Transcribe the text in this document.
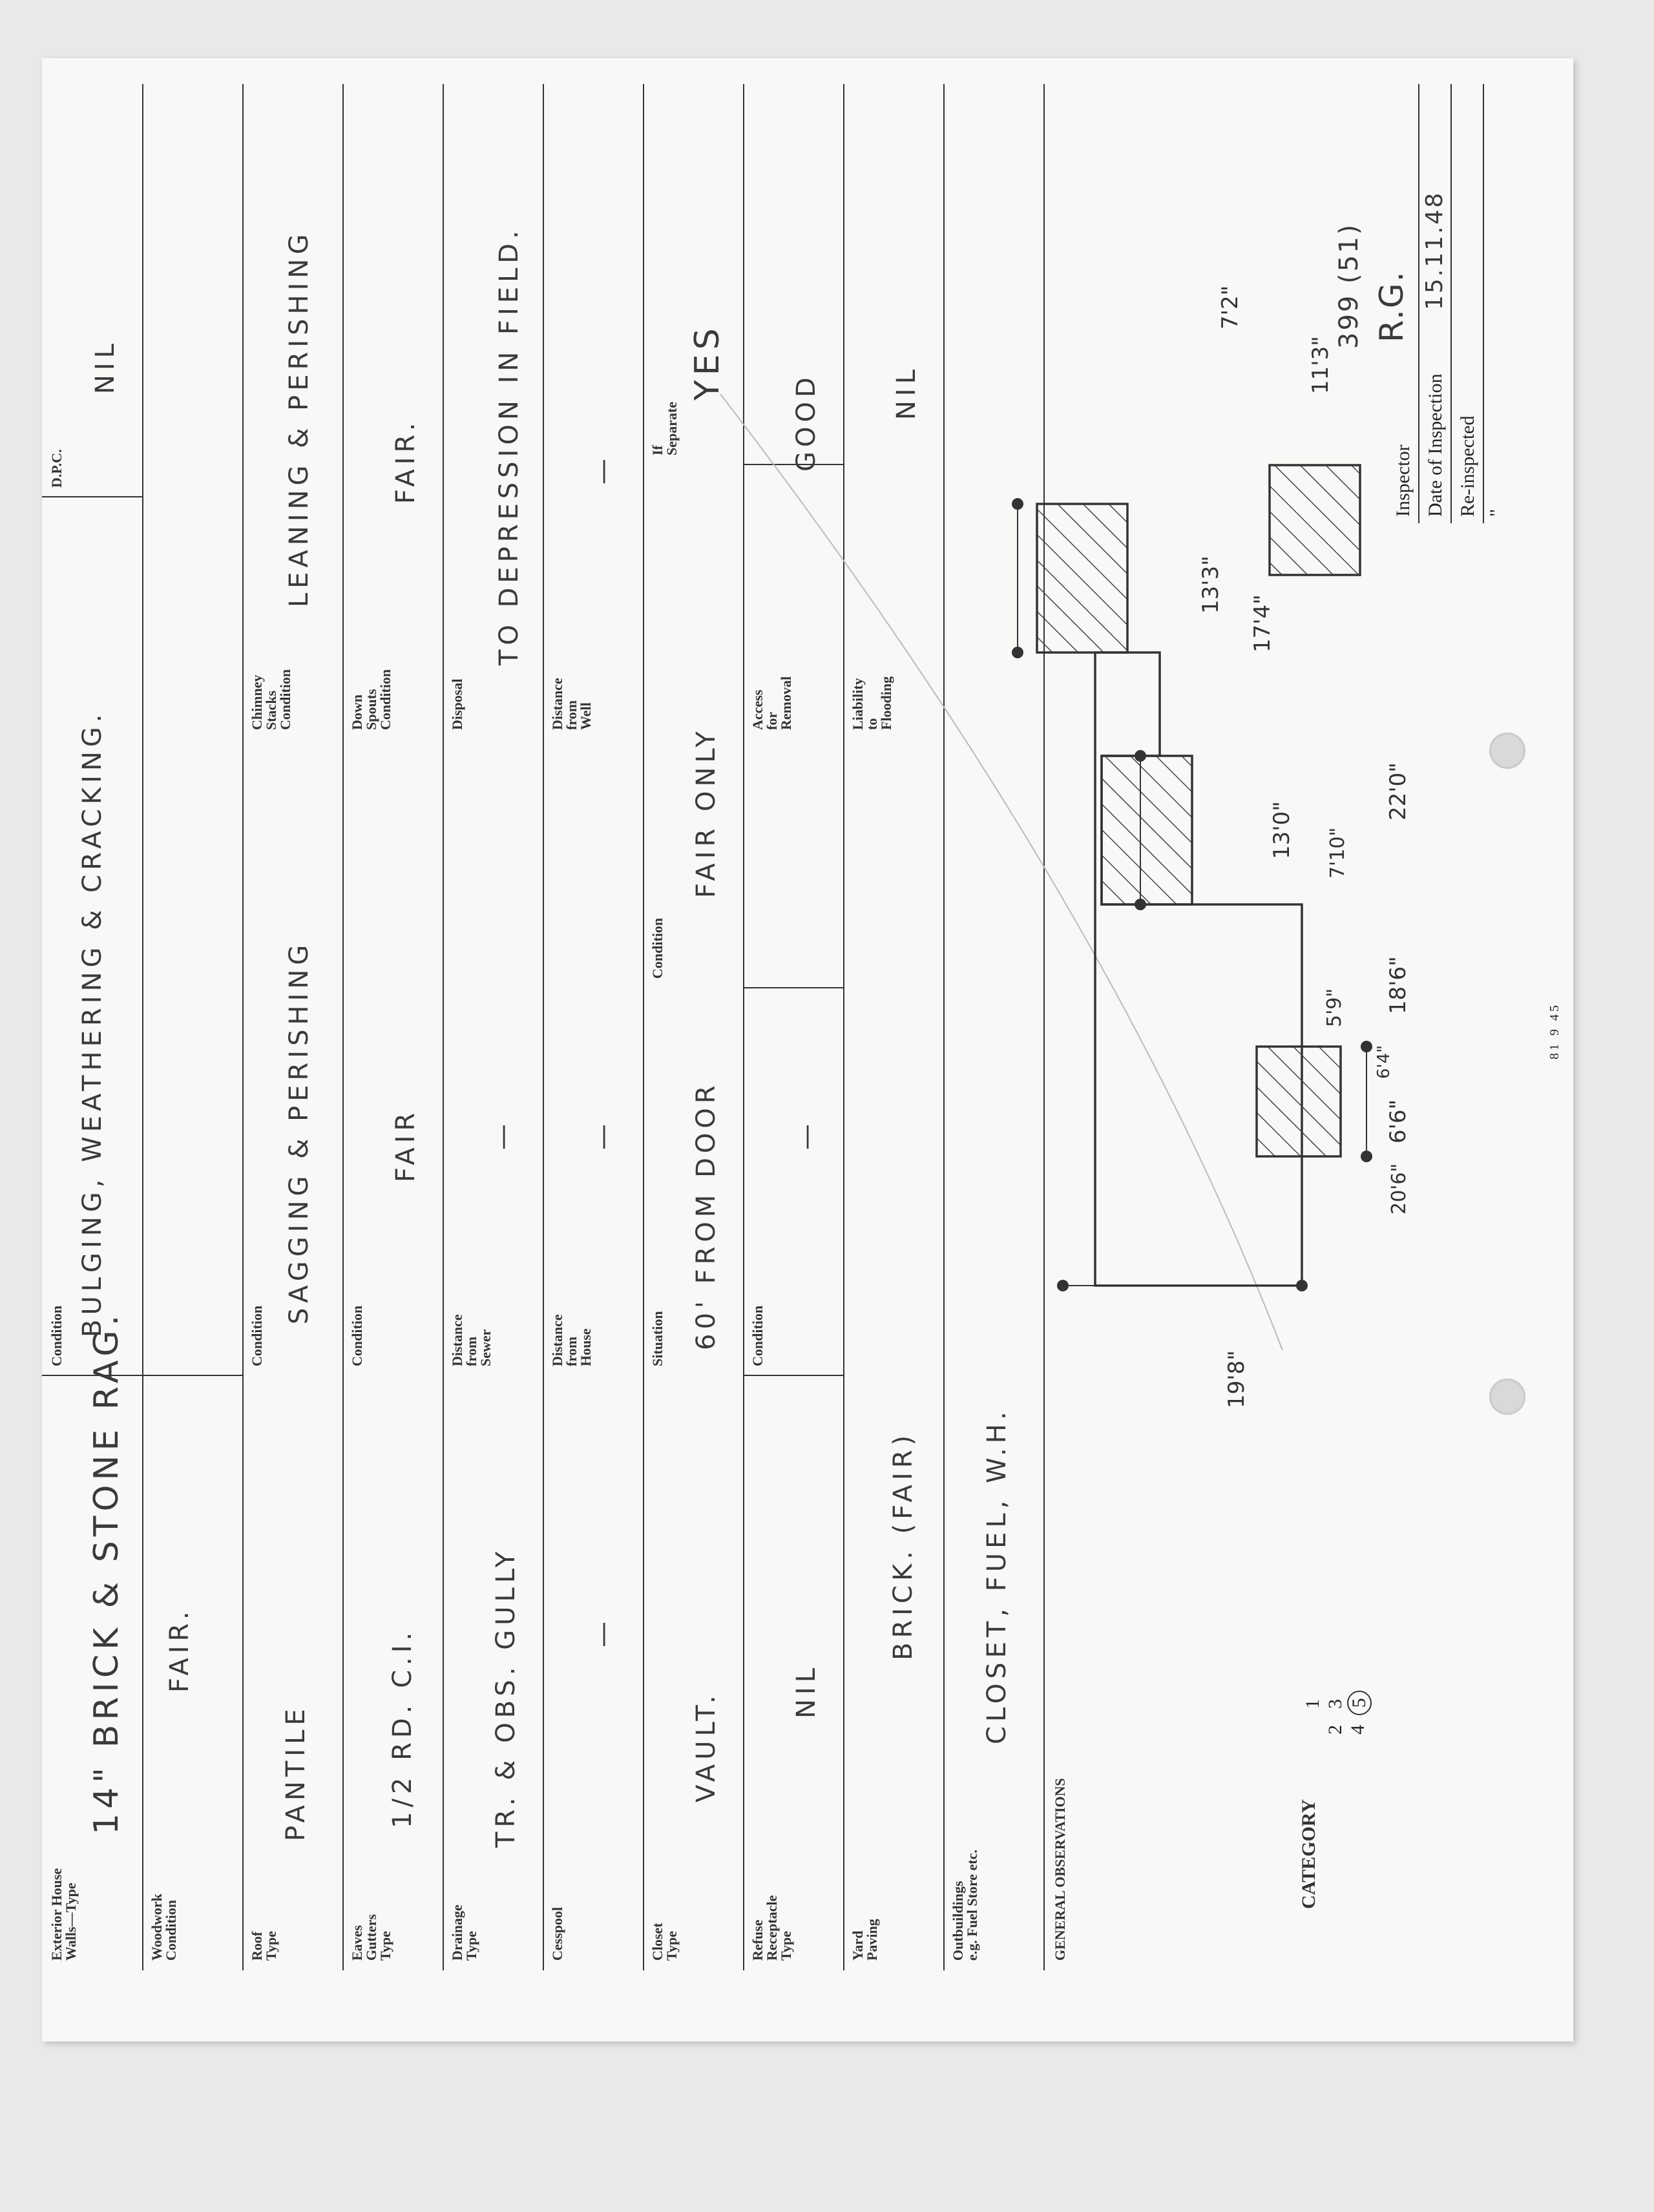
Exterior House
Walls—Type
14" BRICK & STONE RAG.
Condition BULGING, WEATHERING & CRACKING.
D.P.C.
NIL
Woodwork
Condition
FAIR.
Roof
Type
PANTILE
Condition
SAGGING & PERISHING
Chimney
Stacks
Condition
LEANING & PERISHING
Eaves
Gutters
Type
1/2 RD. C.I.
Condition
FAIR
Down
Spouts
Condition
FAIR.
Drainage
Type
TR. & OBS. GULLY
Distance
from
Sewer
—
Disposal
TO DEPRESSION IN FIELD.
Cesspool
—
Distance
from
House
—
Distance
from
Well
—
Closet
Type
VAULT.
Situation 60' FROM DOOR
Condition
FAIR ONLY
If
Separate
YES
Refuse
Receptacle
Type
NIL
Condition
—
Access
for
Removal
GOOD
Yard
Paving
BRICK. (FAIR)
Liability
to
Flooding
NIL
Outbuildings
e.g. Fuel Store etc.
CLOSET, FUEL, W.H.
GENERAL OBSERVATIONS	CATEGORY
1
2
3
4
5
Inspector Date of Inspection Re-inspected "
15.11.48
399 (51) R.G.
81 9 45
17'4"
13'3"
13'0"
22'0"
7'10"
18'6"
5'9"
6'6"
6'4"
20'6"
19'8"
7'2"
11'3"
